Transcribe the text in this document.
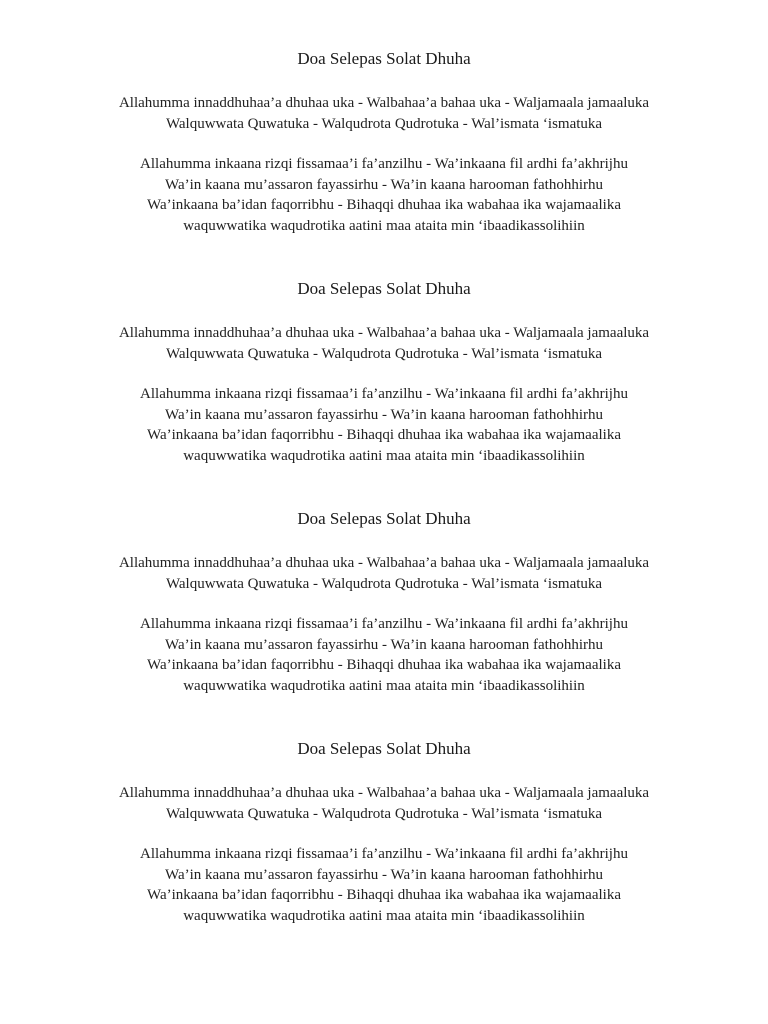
Doa Selepas Solat Dhuha

Allahumma innaddhuhaa’a dhuhaa uka - Walbahaa’a bahaa uka - Waljamaala jamaaluka
Walquwwata Quwatuka - Walqudrota Qudrotuka - Wal’ismata ‘ismatuka

Allahumma inkaana rizqi fissamaa’i fa’anzilhu - Wa’inkaana fil ardhi fa’akhrijhu
Wa’in kaana mu’assaron fayassirhu - Wa’in kaana harooman fathohhirhu
Wa’inkaana ba’idan faqorribhu - Bihaqqi dhuhaa ika wabahaa ika wajamaalika
waquwwatika waqudrotika aatini maa ataita min ‘ibaadikassolihiin

Doa Selepas Solat Dhuha

Allahumma innaddhuhaa’a dhuhaa uka - Walbahaa’a bahaa uka - Waljamaala jamaaluka
Walquwwata Quwatuka - Walqudrota Qudrotuka - Wal’ismata ‘ismatuka

Allahumma inkaana rizqi fissamaa’i fa’anzilhu - Wa’inkaana fil ardhi fa’akhrijhu
Wa’in kaana mu’assaron fayassirhu - Wa’in kaana harooman fathohhirhu
Wa’inkaana ba’idan faqorribhu - Bihaqqi dhuhaa ika wabahaa ika wajamaalika
waquwwatika waqudrotika aatini maa ataita min ‘ibaadikassolihiin

Doa Selepas Solat Dhuha

Allahumma innaddhuhaa’a dhuhaa uka - Walbahaa’a bahaa uka - Waljamaala jamaaluka
Walquwwata Quwatuka - Walqudrota Qudrotuka - Wal’ismata ‘ismatuka

Allahumma inkaana rizqi fissamaa’i fa’anzilhu - Wa’inkaana fil ardhi fa’akhrijhu
Wa’in kaana mu’assaron fayassirhu - Wa’in kaana harooman fathohhirhu
Wa’inkaana ba’idan faqorribhu - Bihaqqi dhuhaa ika wabahaa ika wajamaalika
waquwwatika waqudrotika aatini maa ataita min ‘ibaadikassolihiin

Doa Selepas Solat Dhuha

Allahumma innaddhuhaa’a dhuhaa uka - Walbahaa’a bahaa uka - Waljamaala jamaaluka
Walquwwata Quwatuka - Walqudrota Qudrotuka - Wal’ismata ‘ismatuka

Allahumma inkaana rizqi fissamaa’i fa’anzilhu - Wa’inkaana fil ardhi fa’akhrijhu
Wa’in kaana mu’assaron fayassirhu - Wa’in kaana harooman fathohhirhu
Wa’inkaana ba’idan faqorribhu - Bihaqqi dhuhaa ika wabahaa ika wajamaalika
waquwwatika waqudrotika aatini maa ataita min ‘ibaadikassolihiin
